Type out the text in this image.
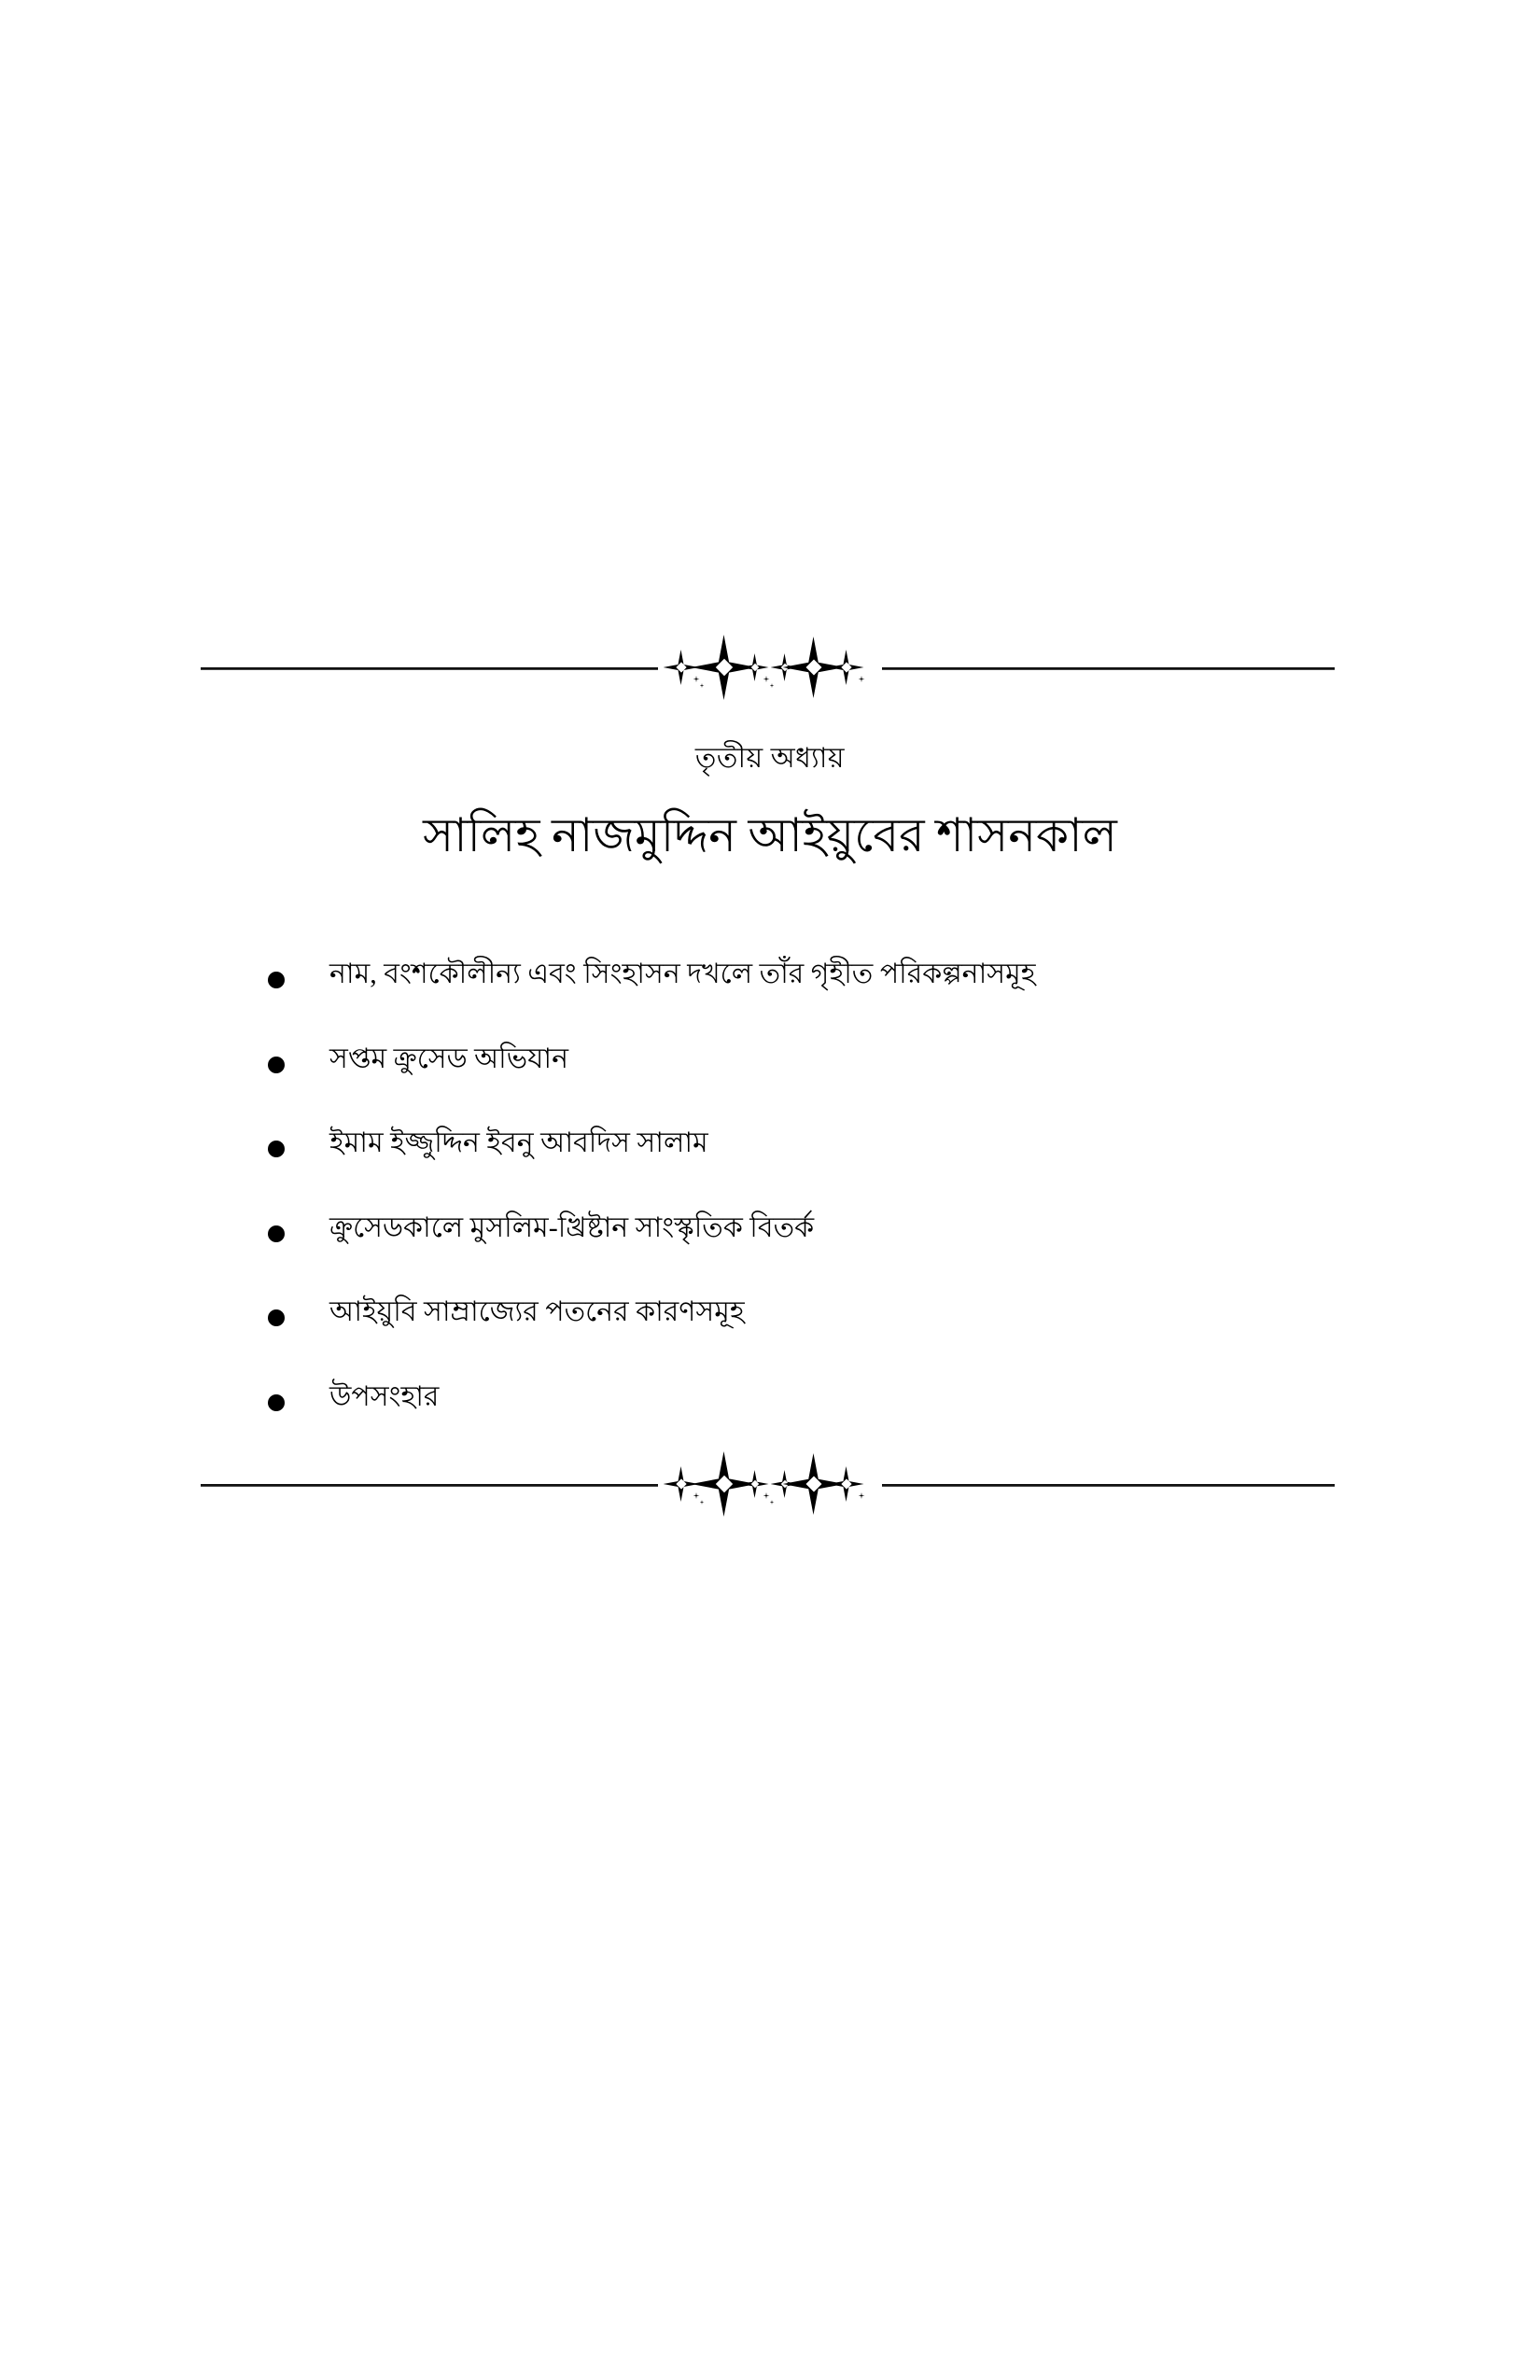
তৃতীয় অধ্যায়
সালিহ নাজমুদ্দিন আইয়ুবের শাসনকাল
নাম, বংশকৌলীন্য এবং সিংহাসন দখলে তাঁর গৃহীত পরিকল্পনাসমূহ
সপ্তম ক্রুসেড অভিযান
ইমাম ইজ্জুদ্দিন ইবনু আবদিস সালাম
ক্রুসেডকালে মুসলিম-খ্রিষ্টান সাংস্কৃতিক বিতর্ক
আইয়ুবি সাম্রাজ্যের পতনের কারণসমূহ
উপসংহার
